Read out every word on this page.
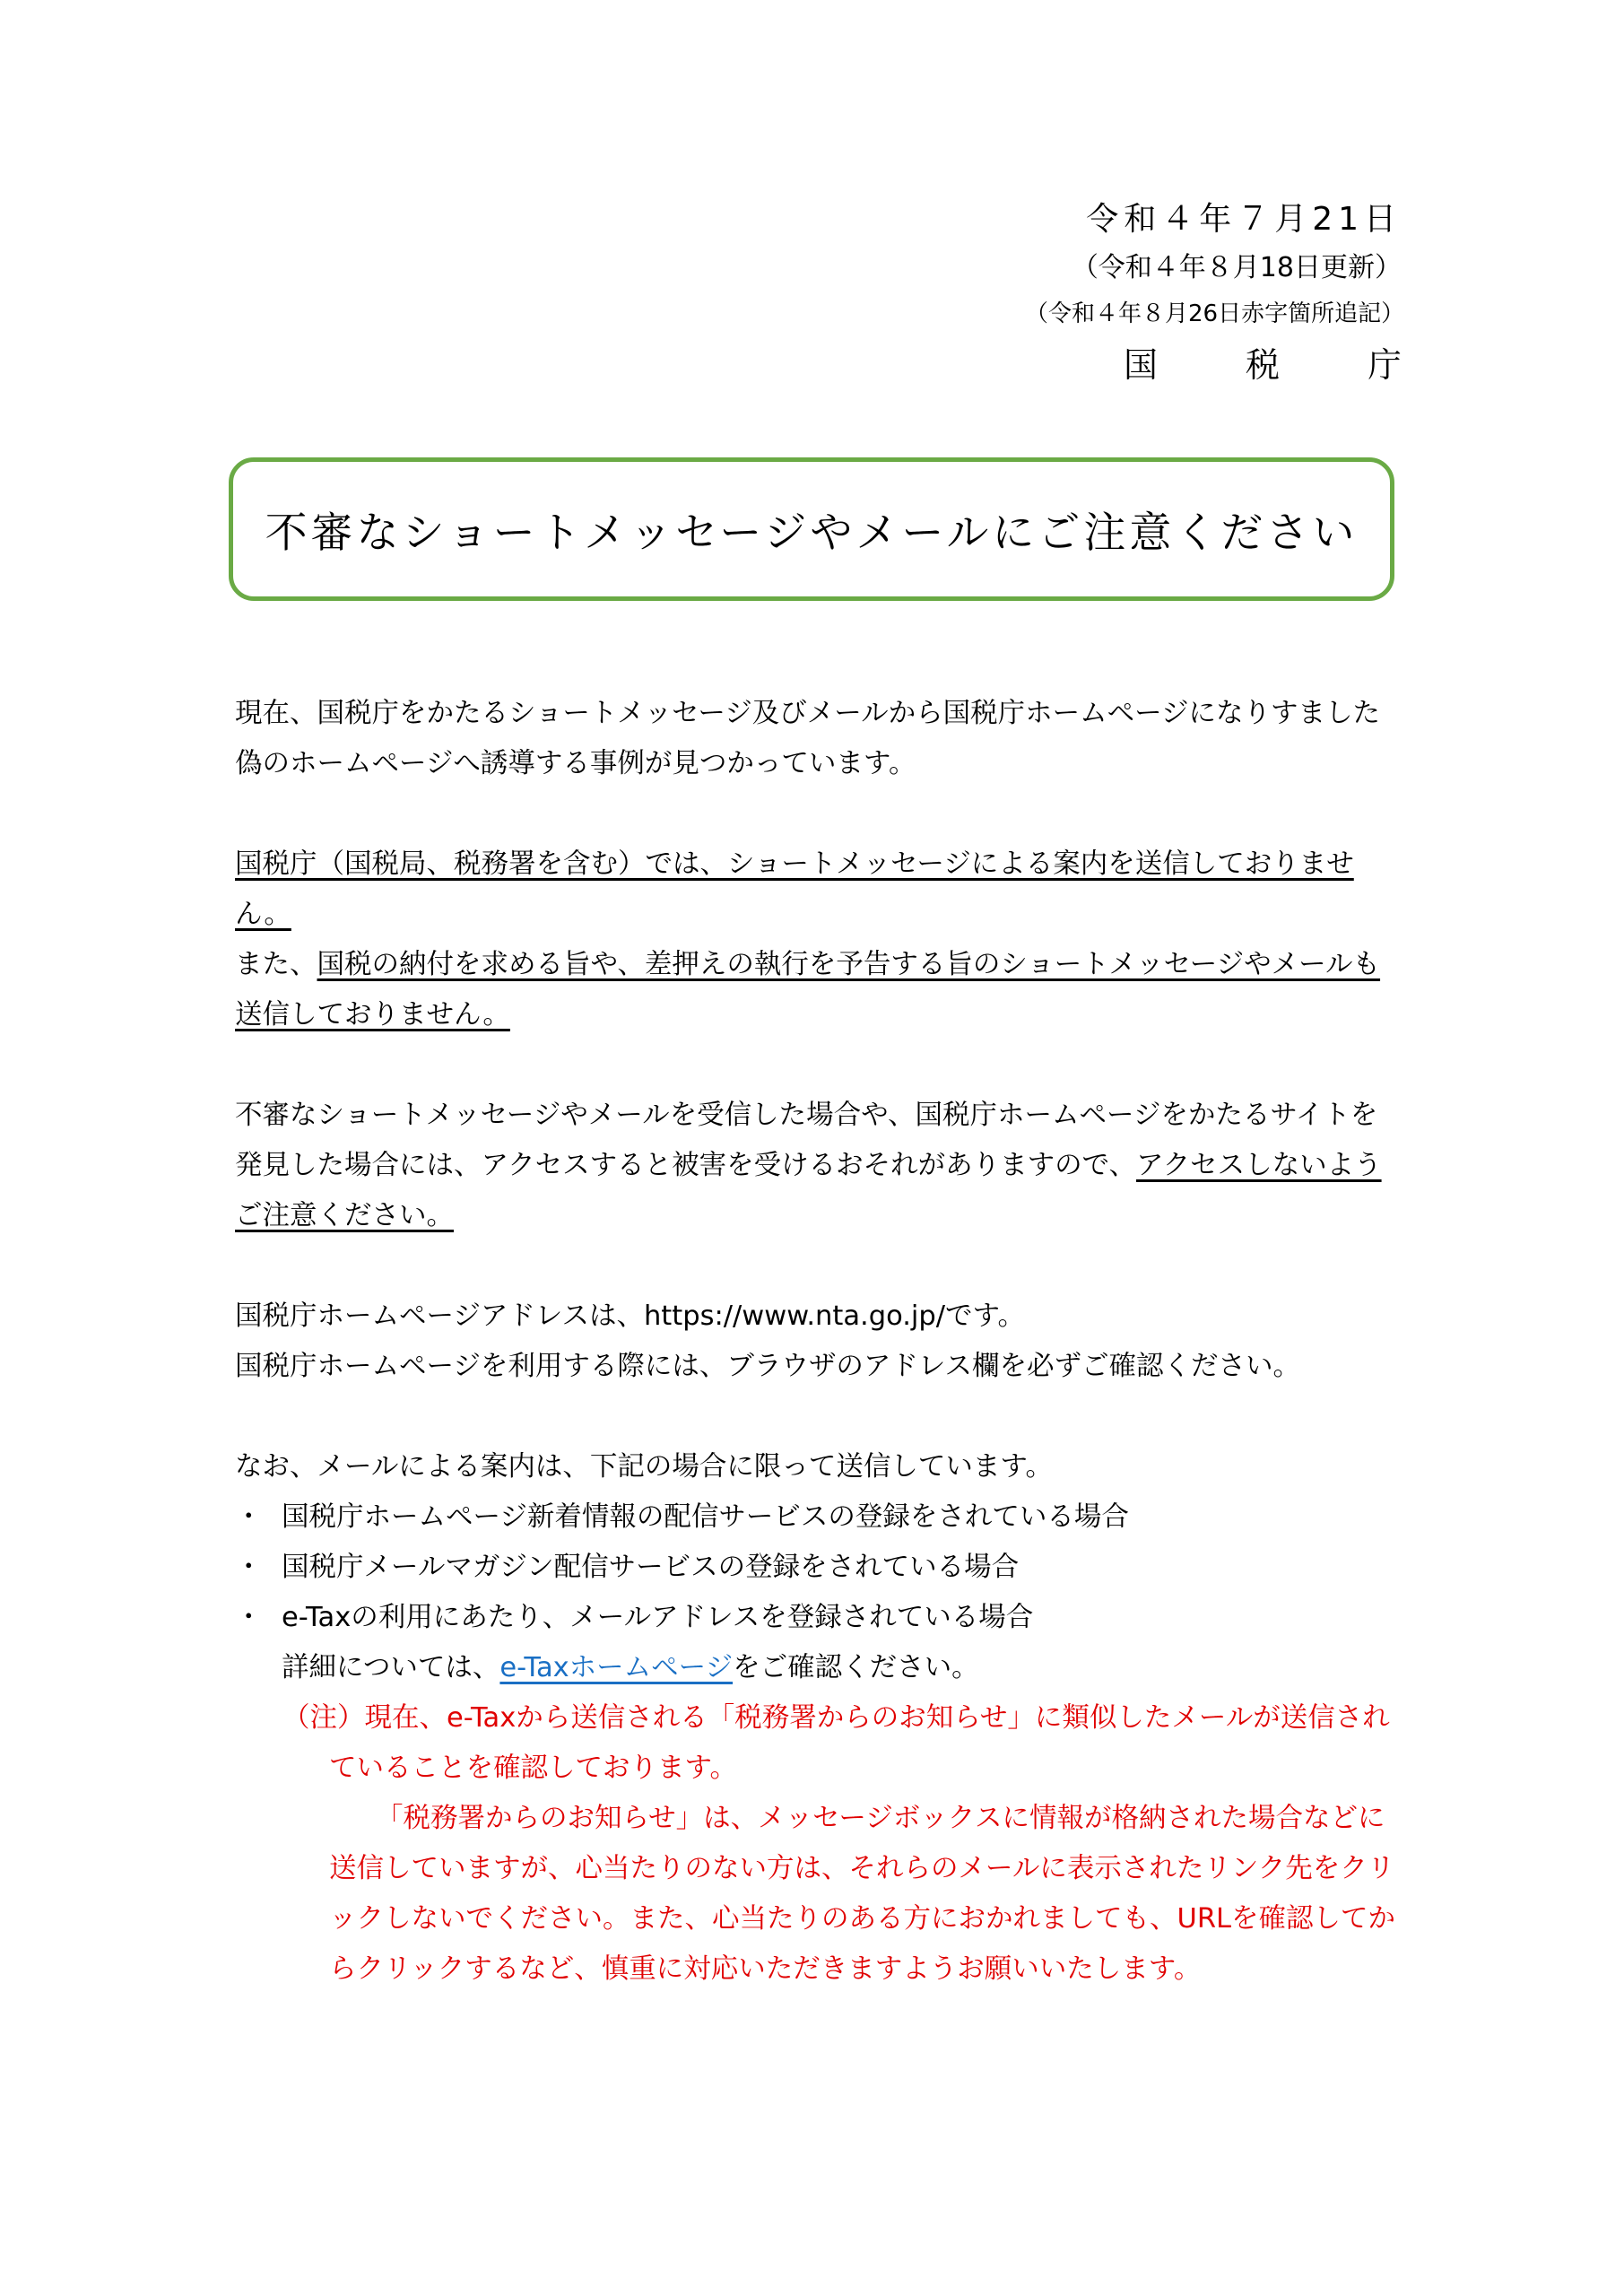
令和４年７月21日
（令和４年８月18日更新）
（令和４年８月26日赤字箇所追記）
国	税	庁
不審なショートメッセージやメールにご注意ください

現在、国税庁をかたるショートメッセージ及びメールから国税庁ホームページになりすました偽のホームページへ誘導する事例が見つかっています。

国税庁（国税局、税務署を含む）では、ショートメッセージによる案内を送信しておりません。

また、国税の納付を求める旨や、差押えの執行を予告する旨のショートメッセージやメールも送信しておりません。

不審なショートメッセージやメールを受信した場合や、国税庁ホームページをかたるサイトを発見した場合には、アクセスすると被害を受けるおそれがありますので、アクセスしないようご注意ください。

国税庁ホームページアドレスは、https://www.nta.go.jp/です。

国税庁ホームページを利用する際には、ブラウザのアドレス欄を必ずご確認ください。

なお、メールによる案内は、下記の場合に限って送信しています。

・ 国税庁ホームページ新着情報の配信サービスの登録をされている場合
・ 国税庁メールマガジン配信サービスの登録をされている場合
・ e-Taxの利用にあたり、メールアドレスを登録されている場合

詳細については、e-Taxホームページをご確認ください。

（注）現在、e-Taxから送信される「税務署からのお知らせ」に類似したメールが送信されていることを確認しております。

「税務署からのお知らせ」は、メッセージボックスに情報が格納された場合などに送信していますが、心当たりのない方は、それらのメールに表示されたリンク先をクリックしないでください。また、心当たりのある方におかれましても、URLを確認してからクリックするなど、慎重に対応いただきますようお願いいたします。
